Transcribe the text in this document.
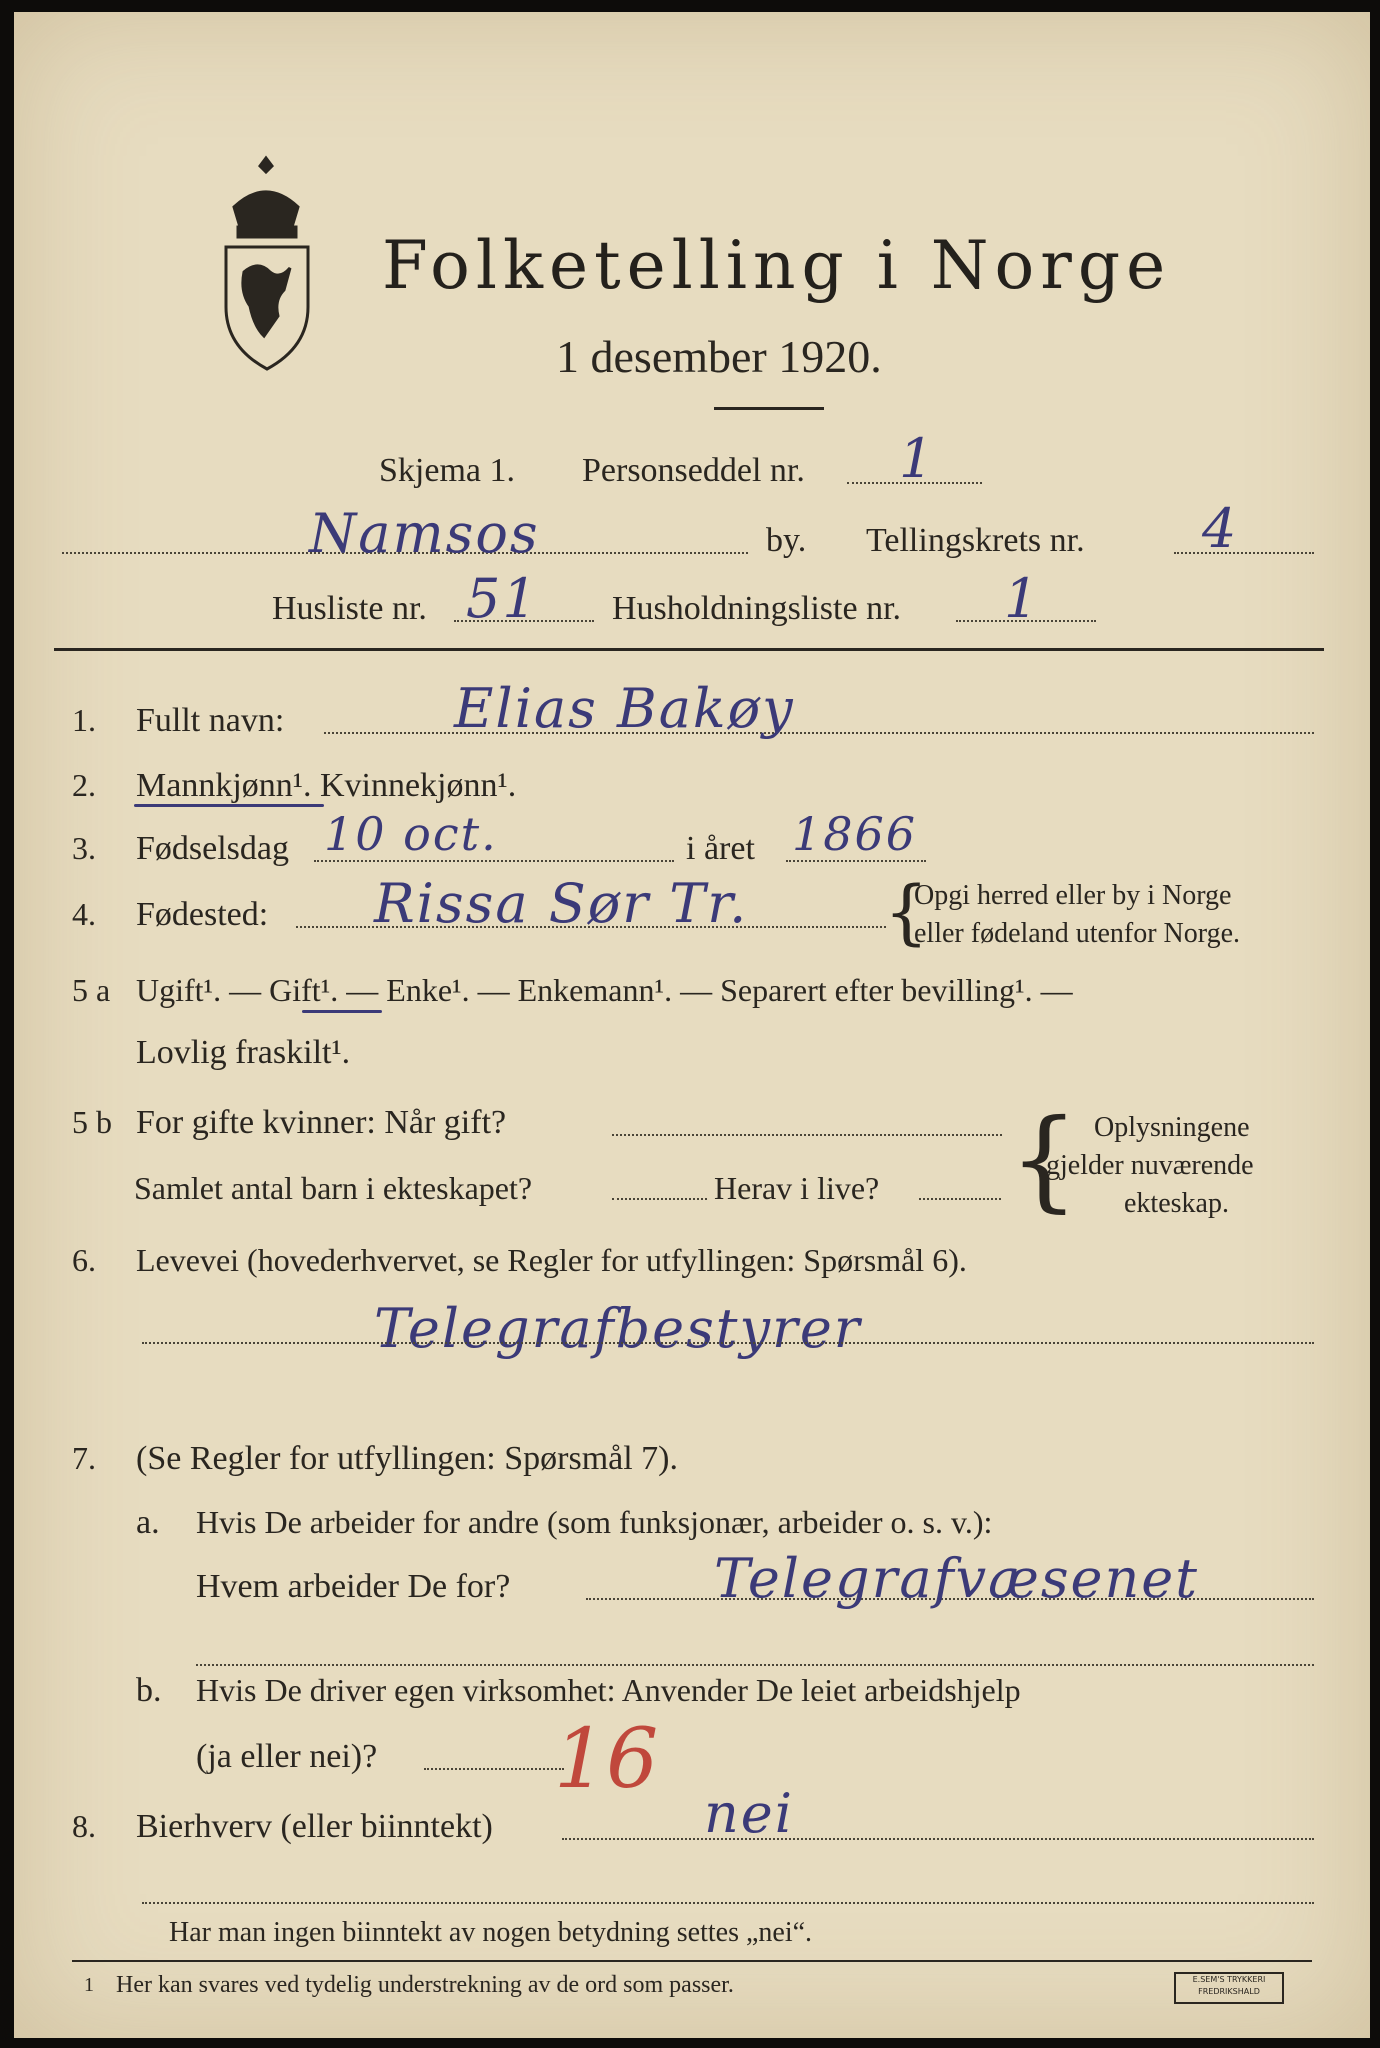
Folketelling i Norge
1 desember 1920.
Skjema 1. Personseddel nr. 1
Namsos	by. Tellingskrets nr. 4
Husliste nr. 51 Husholdningsliste nr. 1
1. Fullt navn:	Elias Bakøy
2. Mannkjønn¹. Kvinnekjønn¹.
3. Fødselsdag 10 oct.	i året 1866
4. Fødested: Rissa Sør Tr. {
Opgi herred eller by i Norge
eller fødeland utenfor Norge.
5 a Ugift¹. — Gift¹. — Enke¹. — Enkemann¹. — Separert efter bevilling¹. —
Lovlig fraskilt¹.
5 b For gifte kvinner: Når gift?
Samlet antal barn i ekteskapet?	Herav i live? { Oplysningene
gjelder nuværende
ekteskap.
6. Levevei (hovederhvervet, se Regler for utfyllingen: Spørsmål 6).
Telegrafbestyrer
7. (Se Regler for utfyllingen: Spørsmål 7).
a. Hvis De arbeider for andre (som funksjonær, arbeider o. s. v.):
Hvem arbeider De for?	Telegrafvæsenet
b. Hvis De driver egen virksomhet: Anvender De leiet arbeidshjelp
(ja eller nei)? 16
8. Bierhverv (eller biinntekt)	nei
Har man ingen biinntekt av nogen betydning settes „nei“.
1 Her kan svares ved tydelig understrekning av de ord som passer.	E.SEM'S TRYKKERI FREDRIKSHALD
